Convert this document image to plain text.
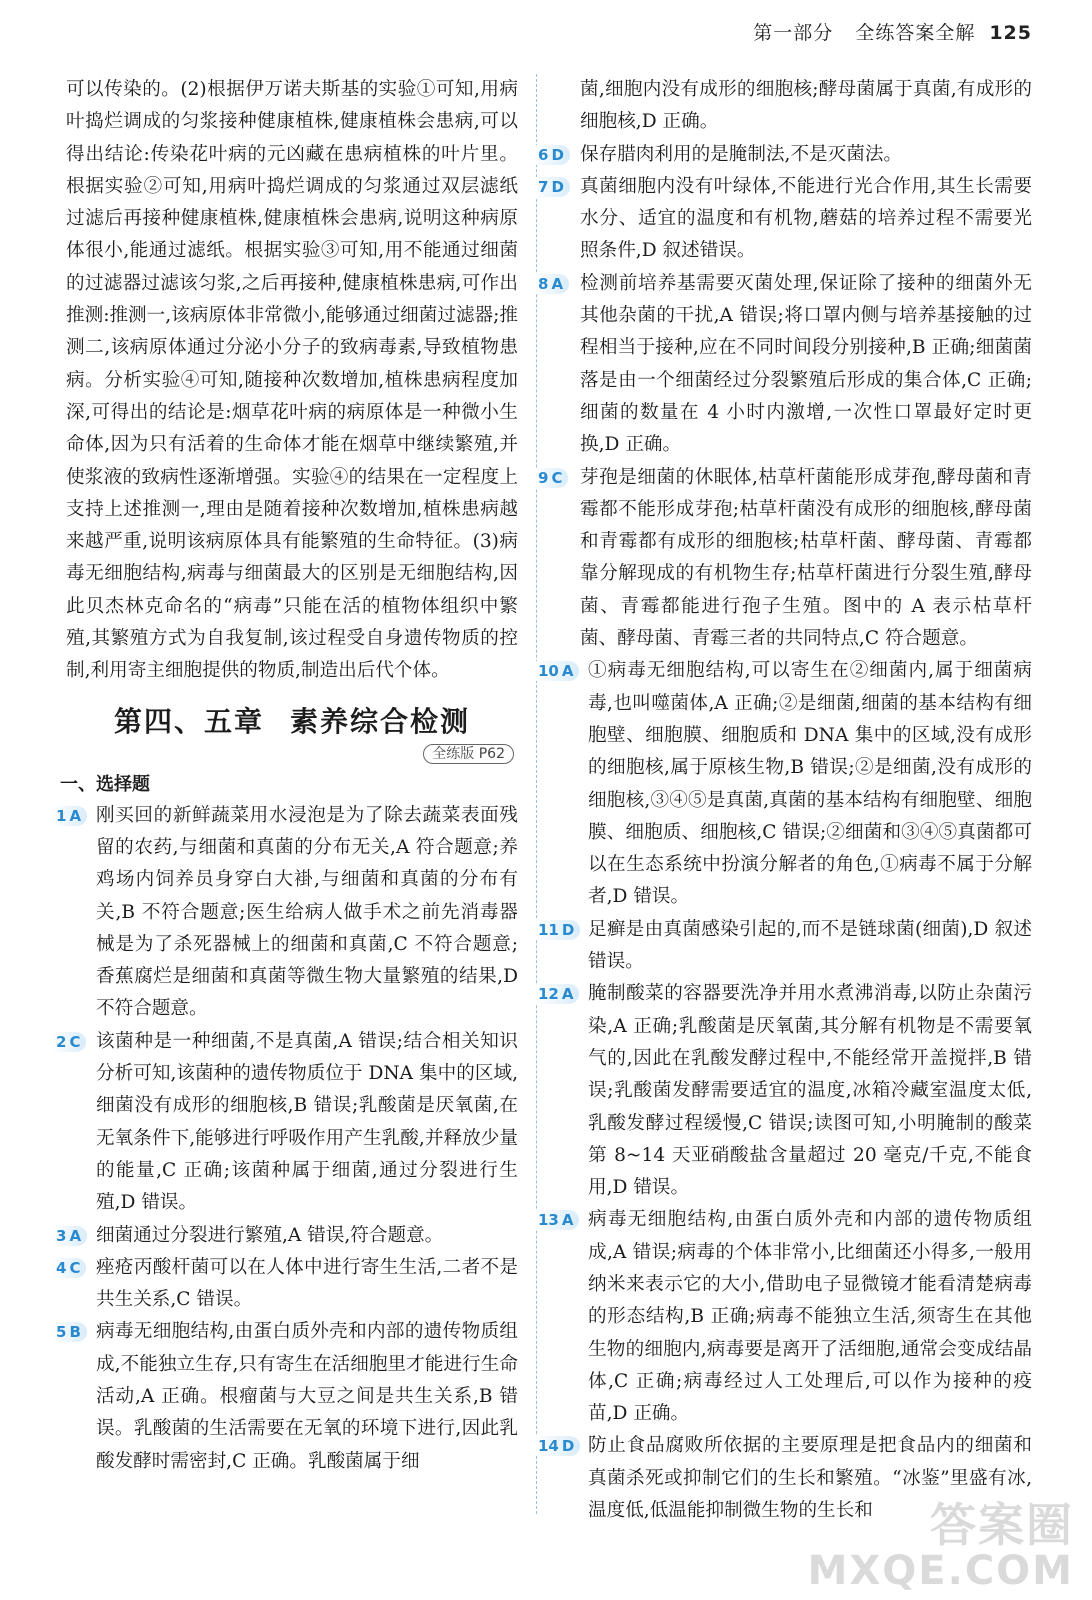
第一部分 全练答案全解 125

可以传染的。(2)根据伊万诺夫斯基的实验①可知,用病叶捣烂调成的匀浆接种健康植株,健康植株会患病,可以得出结论:传染花叶病的元凶藏在患病植株的叶片里。根据实验②可知,用病叶捣烂调成的匀浆通过双层滤纸过滤后再接种健康植株,健康植株会患病,说明这种病原体很小,能通过滤纸。根据实验③可知,用不能通过细菌的过滤器过滤该匀浆,之后再接种,健康植株患病,可作出推测:推测一,该病原体非常微小,能够通过细菌过滤器;推测二,该病原体通过分泌小分子的致病毒素,导致植物患病。分析实验④可知,随接种次数增加,植株患病程度加深,可得出的结论是:烟草花叶病的病原体是一种微小生命体,因为只有活着的生命体才能在烟草中继续繁殖,并使浆液的致病性逐渐增强。实验④的结果在一定程度上支持上述推测一,理由是随着接种次数增加,植株患病越来越严重,说明该病原体具有能繁殖的生命特征。(3)病毒无细胞结构,病毒与细菌最大的区别是无细胞结构,因此贝杰林克命名的“病毒”只能在活的植物体组织中繁殖,其繁殖方式为自我复制,该过程受自身遗传物质的控制,利用寄主细胞提供的物质,制造出后代个体。

第四、五章 素养综合检测
全练版 P62
一、选择题

1 A 刚买回的新鲜蔬菜用水浸泡是为了除去蔬菜表面残留的农药,与细菌和真菌的分布无关,A 符合题意;养鸡场内饲养员身穿白大褂,与细菌和真菌的分布有关,B 不符合题意;医生给病人做手术之前先消毒器械是为了杀死器械上的细菌和真菌,C 不符合题意;香蕉腐烂是细菌和真菌等微生物大量繁殖的结果,D 不符合题意。

2 C 该菌种是一种细菌,不是真菌,A 错误;结合相关知识分析可知,该菌种的遗传物质位于 DNA 集中的区域,细菌没有成形的细胞核,B 错误;乳酸菌是厌氧菌,在无氧条件下,能够进行呼吸作用产生乳酸,并释放少量的能量,C 正确;该菌种属于细菌,通过分裂进行生殖,D 错误。

3 A 细菌通过分裂进行繁殖,A 错误,符合题意。

4 C 痤疮丙酸杆菌可以在人体中进行寄生生活,二者不是共生关系,C 错误。

5 B 病毒无细胞结构,由蛋白质外壳和内部的遗传物质组成,不能独立生存,只有寄生在活细胞里才能进行生命活动,A 正确。根瘤菌与大豆之间是共生关系,B 错误。乳酸菌的生活需要在无氧的环境下进行,因此乳酸发酵时需密封,C 正确。乳酸菌属于细

菌,细胞内没有成形的细胞核;酵母菌属于真菌,有成形的细胞核,D 正确。

6 D 保存腊肉利用的是腌制法,不是灭菌法。

7 D 真菌细胞内没有叶绿体,不能进行光合作用,其生长需要水分、适宜的温度和有机物,蘑菇的培养过程不需要光照条件,D 叙述错误。

8 A 检测前培养基需要灭菌处理,保证除了接种的细菌外无其他杂菌的干扰,A 错误;将口罩内侧与培养基接触的过程相当于接种,应在不同时间段分别接种,B 正确;细菌菌落是由一个细菌经过分裂繁殖后形成的集合体,C 正确;细菌的数量在 4 小时内激增,一次性口罩最好定时更换,D 正确。

9 C 芽孢是细菌的休眠体,枯草杆菌能形成芽孢,酵母菌和青霉都不能形成芽孢;枯草杆菌没有成形的细胞核,酵母菌和青霉都有成形的细胞核;枯草杆菌、酵母菌、青霉都靠分解现成的有机物生存;枯草杆菌进行分裂生殖,酵母菌、青霉都能进行孢子生殖。图中的 A 表示枯草杆菌、酵母菌、青霉三者的共同特点,C 符合题意。

10 A ①病毒无细胞结构,可以寄生在②细菌内,属于细菌病毒,也叫噬菌体,A 正确;②是细菌,细菌的基本结构有细胞壁、细胞膜、细胞质和 DNA 集中的区域,没有成形的细胞核,属于原核生物,B 错误;②是细菌,没有成形的细胞核,③④⑤是真菌,真菌的基本结构有细胞壁、细胞膜、细胞质、细胞核,C 错误;②细菌和③④⑤真菌都可以在生态系统中扮演分解者的角色,①病毒不属于分解者,D 错误。

11 D 足癣是由真菌感染引起的,而不是链球菌(细菌),D 叙述错误。

12 A 腌制酸菜的容器要洗净并用水煮沸消毒,以防止杂菌污染,A 正确;乳酸菌是厌氧菌,其分解有机物是不需要氧气的,因此在乳酸发酵过程中,不能经常开盖搅拌,B 错误;乳酸菌发酵需要适宜的温度,冰箱冷藏室温度太低,乳酸发酵过程缓慢,C 错误;读图可知,小明腌制的酸菜第 8~14 天亚硝酸盐含量超过 20 毫克/千克,不能食用,D 错误。

13 A 病毒无细胞结构,由蛋白质外壳和内部的遗传物质组成,A 错误;病毒的个体非常小,比细菌还小得多,一般用纳米来表示它的大小,借助电子显微镜才能看清楚病毒的形态结构,B 正确;病毒不能独立生活,须寄生在其他生物的细胞内,病毒要是离开了活细胞,通常会变成结晶体,C 正确;病毒经过人工处理后,可以作为接种的疫苗,D 正确。

14 D 防止食品腐败所依据的主要原理是把食品内的细菌和真菌杀死或抑制它们的生长和繁殖。“冰鉴”里盛有冰,温度低,低温能抑制微生物的生长和	答案圈
MXQE.COM
